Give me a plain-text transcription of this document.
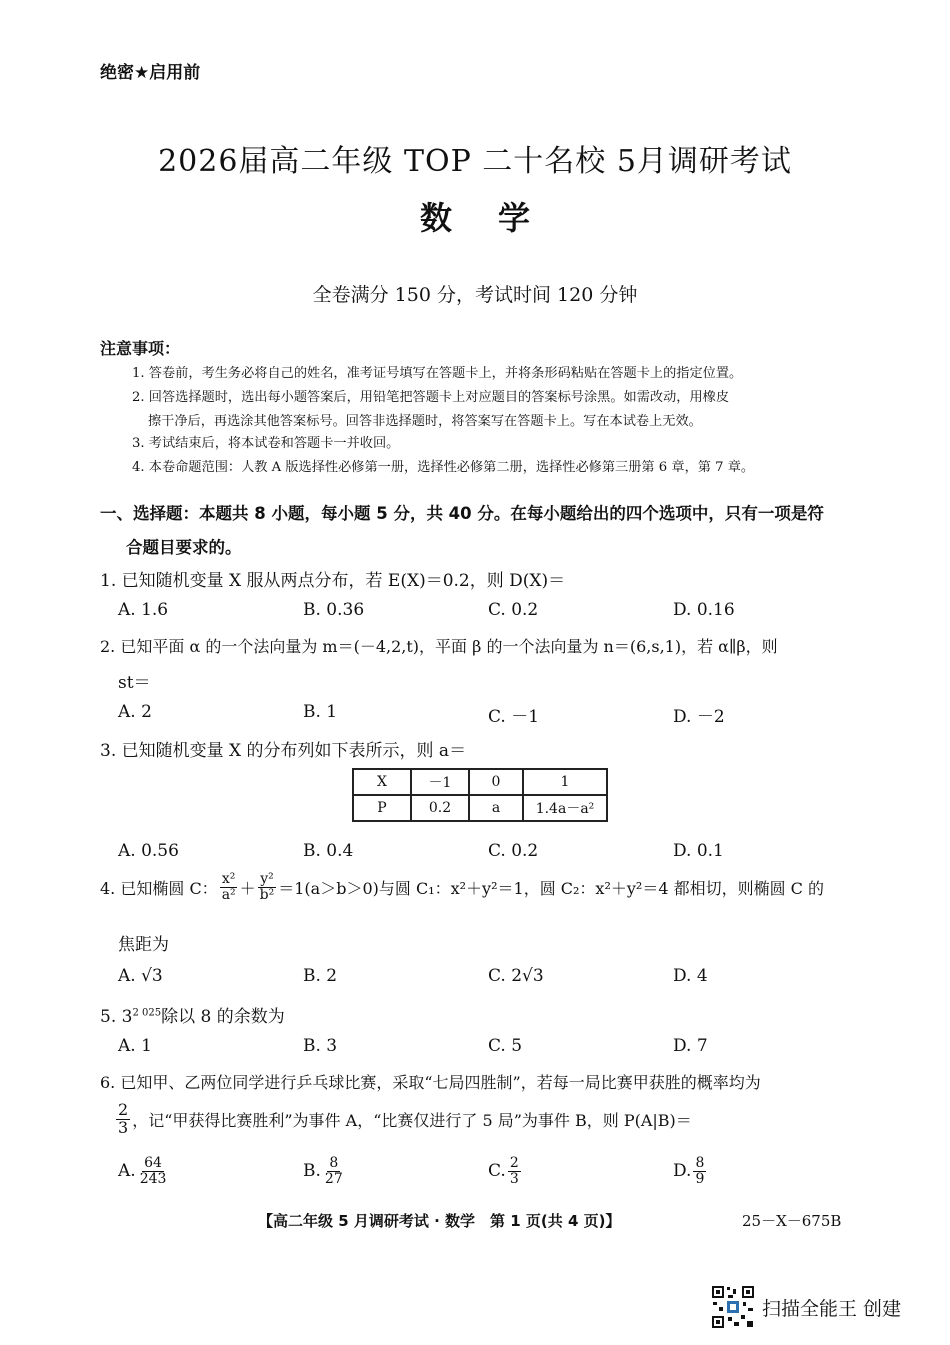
绝密★启用前
2026届高二年级 TOP 二十名校 5月调研考试
数学
全卷满分 150 分，考试时间 120 分钟
注意事项：
1. 答卷前，考生务必将自己的姓名，准考证号填写在答题卡上，并将条形码粘贴在答题卡上的指定位置。
2. 回答选择题时，选出每小题答案后，用铅笔把答题卡上对应题目的答案标号涂黑。如需改动，用橡皮
擦干净后，再选涂其他答案标号。回答非选择题时，将答案写在答题卡上。写在本试卷上无效。
3. 考试结束后，将本试卷和答题卡一并收回。
4. 本卷命题范围：人教 A 版选择性必修第一册，选择性必修第二册，选择性必修第三册第 6 章，第 7 章。
一、选择题：本题共 8 小题，每小题 5 分，共 40 分。在每小题给出的四个选项中，只有一项是符
合题目要求的。
1. 已知随机变量 X 服从两点分布，若 E(X)＝0.2，则 D(X)＝
A. 1.6	B. 0.36	C. 0.2	D. 0.16
2. 已知平面 α 的一个法向量为 m＝(－4,2,t)，平面 β 的一个法向量为 n＝(6,s,1)，若 α∥β，则
st＝
A. 2	B. 1	C. －1	D. －2
3. 已知随机变量 X 的分布列如下表所示，则 a＝
X	－1	0	1
P	0.2	a	1.4a－a²
A. 0.56	B. 0.4	C. 0.2	D. 0.1
4. 已知椭圆 C： $\frac{\text{x²}}{\text{a²}} + \frac{\text{y²}}{\text{b²}} =1(a>b>0)$与圆 C₁：x²＋y²＝1，圆 C₂：x²＋y²＝4 都相切，则椭圆 C 的
焦距为
A. √3	B. 2	C. 2√3	D. 4
5. $3^{2 025}$除以 8 的余数为
A. 1	B. 3	C. 5	D. 7
6. 已知甲、乙两位同学进行乒乓球比赛，采取“七局四胜制”，若每一局比赛甲获胜的概率均为
$\frac{2}{3}$ ，记“甲获得比赛胜利”为事件 A，“比赛仅进行了 5 局”为事件 B，则 P(A|B)＝
A. $\frac{64}{243}$	B. $\frac{8}{27}$	C. $\frac{2}{3}$	D. $\frac{8}{9}$
【高二年级 5 月调研考试 · 数学　第 1 页(共 4 页)】	25－X－675B
扫描全能王 创建
